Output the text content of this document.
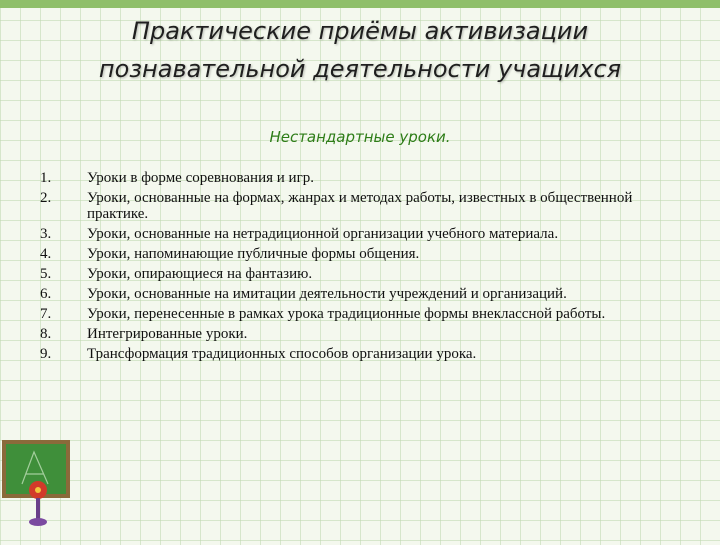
Практические приёмы активизации
познавательной деятельности учащихся
Нестандартные уроки.
1.	Уроки в форме соревнования и игр.
2.	Уроки, основанные на формах, жанрах и методах работы, известных в общественной практике.
3.	Уроки, основанные на нетрадиционной организации учебного материала.
4.	Уроки, напоминающие публичные формы общения.
5.	Уроки, опирающиеся на фантазию.
6.	Уроки, основанные на имитации деятельности учреждений и организаций.
7.	Уроки, перенесенные в рамках урока традиционные формы внеклассной работы.
8.	Интегрированные уроки.
9.	Трансформация традиционных способов организации урока.
